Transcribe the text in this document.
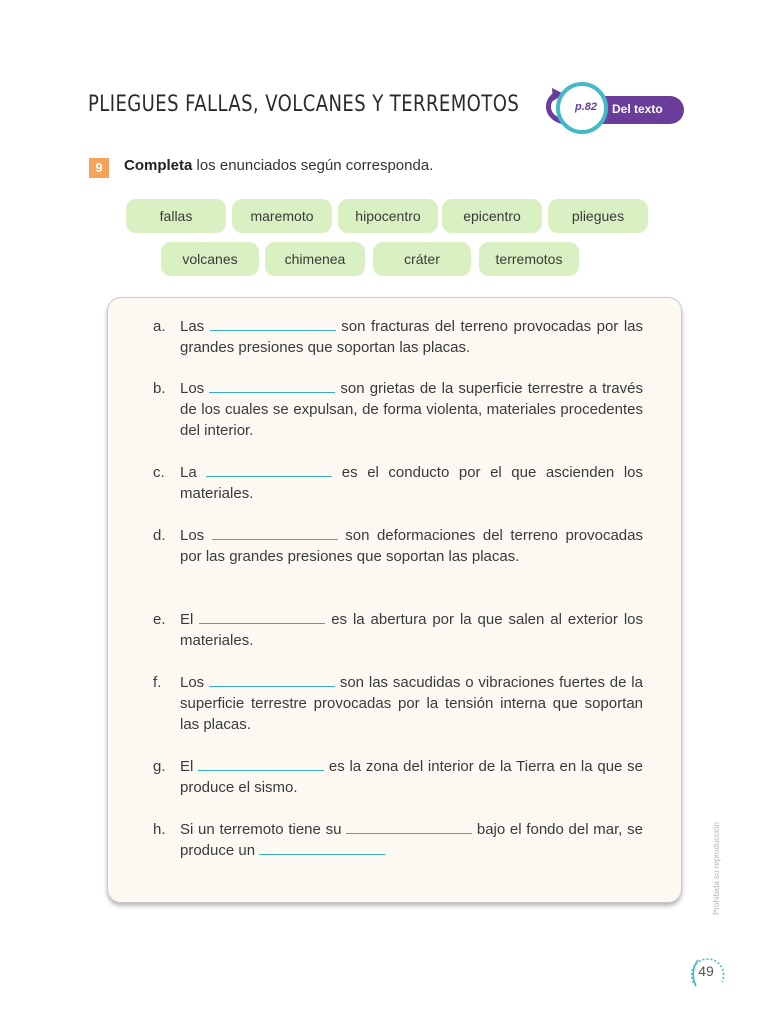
PLIEGUES FALLAS, VOLCANES Y TERREMOTOS	p.82	Del texto
9	Completa los enunciados según corresponda.
fallas	maremoto	hipocentro	epicentro	pliegues
volcanes	chimenea	cráter	terremotos
a. Las	son fracturas del terreno provocadas por las grandes presiones que soportan las placas.
b. Los	son grietas de la superficie terrestre a través de los cuales se expulsan, de forma violenta, materiales procedentes del interior.
c. La	es el conducto por el que ascienden los materiales.
d. Los	son deformaciones del terreno provocadas por las grandes presiones que soportan las placas.
e. El	es la abertura por la que salen al exterior los materiales.
f. Los	son las sacudidas o vibraciones fuertes de la superficie terrestre provocadas por la tensión interna que soportan las placas.
g. El	es la zona del interior de la Tierra en la que se produce el sismo.
h. Si un terremoto tiene su	bajo el fondo del mar, se produce un	Prohibida su reproducción
49
